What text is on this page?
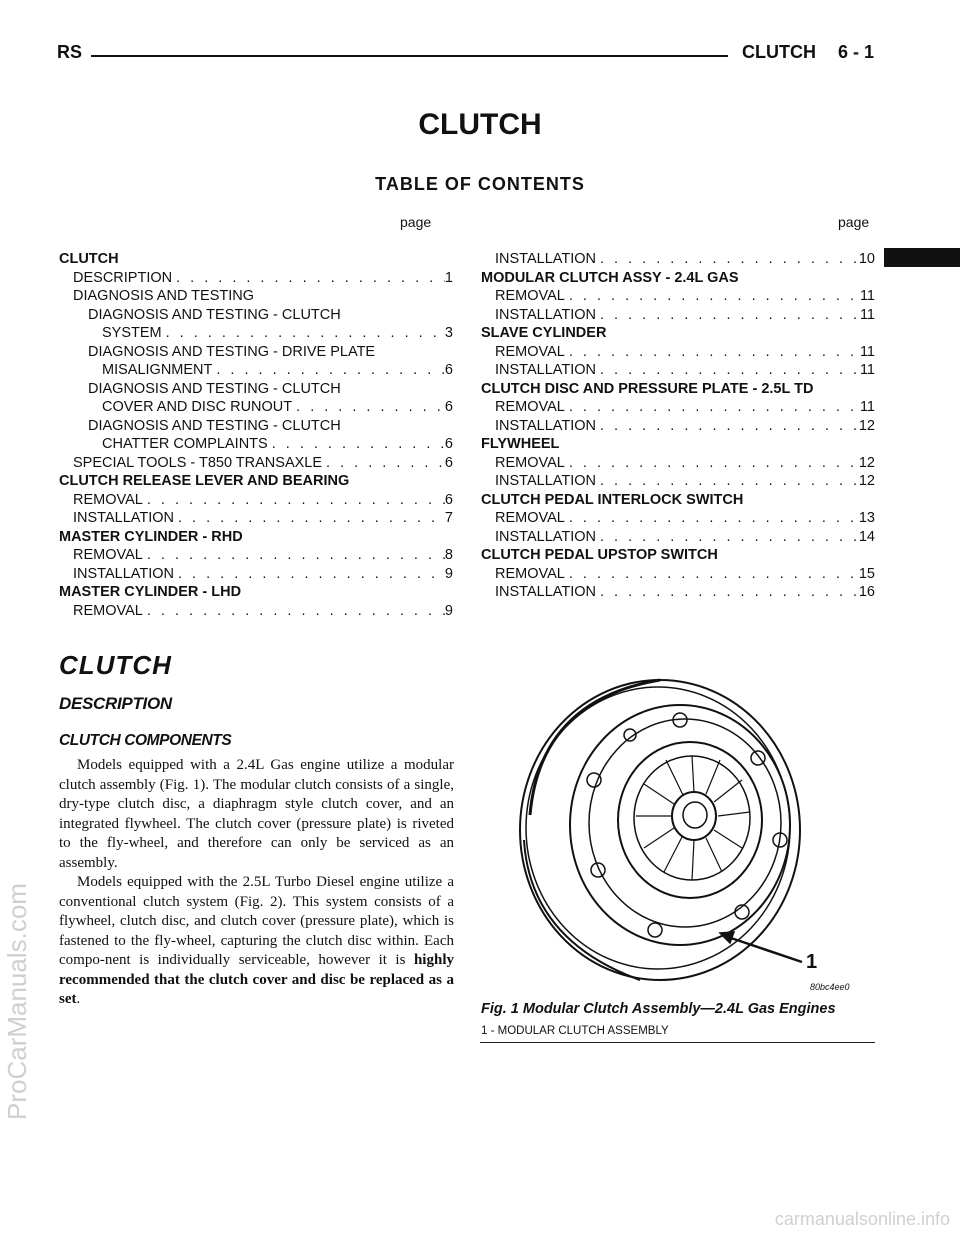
RS	CLUTCH 6 - 1
ProCarManuals.com
CLUTCH
TABLE OF CONTENTS
page	page
CLUTCH
DESCRIPTION . . .	1
DIAGNOSIS AND TESTING
DIAGNOSIS AND TESTING - CLUTCH
SYSTEM . . .	3
DIAGNOSIS AND TESTING - DRIVE PLATE
MISALIGNMENT . . .	6
DIAGNOSIS AND TESTING - CLUTCH
COVER AND DISC RUNOUT . . .	6
DIAGNOSIS AND TESTING - CLUTCH
CHATTER COMPLAINTS . . .	6
SPECIAL TOOLS - T850 TRANSAXLE . . .	6
CLUTCH RELEASE LEVER AND BEARING
REMOVAL . . .	6
INSTALLATION . . .	7
MASTER CYLINDER - RHD
REMOVAL . . .	8
INSTALLATION . . .	9
MASTER CYLINDER - LHD
REMOVAL . . .	9
INSTALLATION . . .	10
MODULAR CLUTCH ASSY - 2.4L GAS
REMOVAL . . .	11
INSTALLATION . . .	11
SLAVE CYLINDER
REMOVAL . . .	11
INSTALLATION . . .	11
CLUTCH DISC AND PRESSURE PLATE - 2.5L TD
REMOVAL . . .	11
INSTALLATION . . .	12
FLYWHEEL
REMOVAL . . .	12
INSTALLATION . . .	12
CLUTCH PEDAL INTERLOCK SWITCH
REMOVAL . . .	13
INSTALLATION . . .	14
CLUTCH PEDAL UPSTOP SWITCH
REMOVAL . . .	15
INSTALLATION . . .	16
CLUTCH
DESCRIPTION
CLUTCH COMPONENTS

Models equipped with a 2.4L Gas engine utilize a modular clutch assembly (Fig. 1). The modular clutch consists of a single, dry-type clutch disc, a diaphragm style clutch cover, and an integrated flywheel. The clutch cover (pressure plate) is riveted to the fly-wheel, and therefore can only be serviced as an assembly.

Models equipped with the 2.5L Turbo Diesel engine utilize a conventional clutch system (Fig. 2). This system consists of a flywheel, clutch disc, and clutch cover (pressure plate), which is fastened to the fly-wheel, capturing the clutch disc within. Each compo-nent is individually serviceable, however it is highly recommended that the clutch cover and disc be replaced as a set.

1
80bc4ee0
Fig. 1 Modular Clutch Assembly—2.4L Gas Engines
1 - MODULAR CLUTCH ASSEMBLY
carmanualsonline.info
